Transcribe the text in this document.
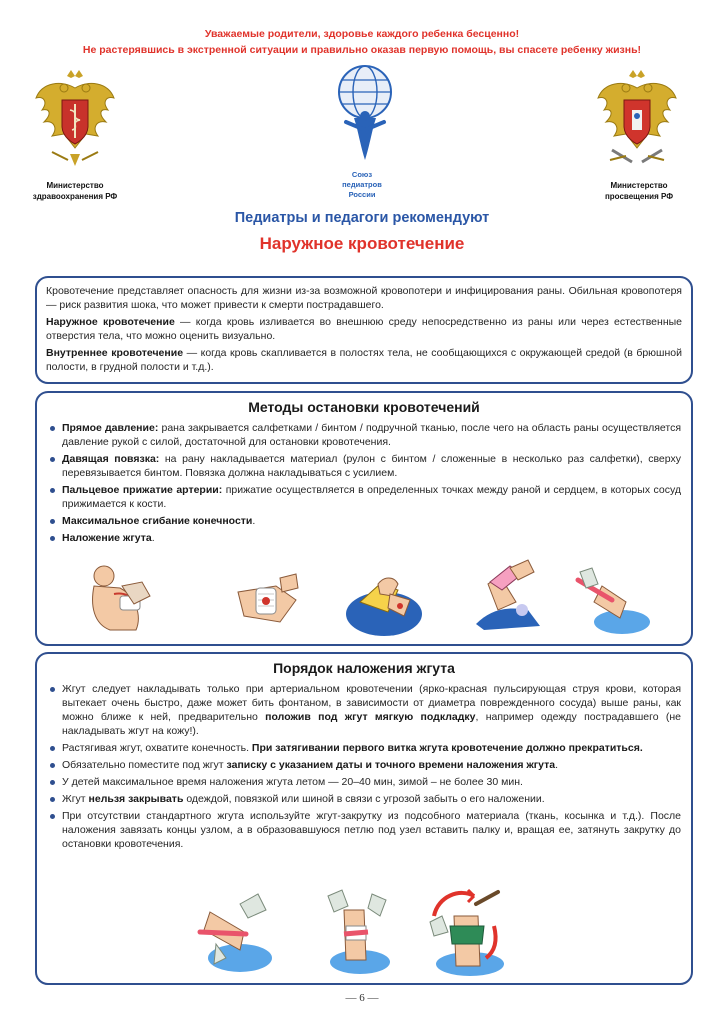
Уважаемые родители, здоровье каждого ребенка бесценно!
Не растерявшись в экстренной ситуации и правильно оказав первую помощь, вы спасете ребенку жизнь!
Министерство
здравоохранения РФ
Союз
педиатров
России
Министерство
просвещения РФ
Педиатры и педагоги рекомендуют
Наружное кровотечение

Кровотечение представляет опасность для жизни из-за возможной кровопотери и инфицирования раны. Обильная кровопотеря — риск развития шока, что может привести к смерти пострадавшего.

Наружное кровотечение — когда кровь изливается во внешнюю среду непосредственно из раны или через естественные отверстия тела, что можно оценить визуально.

Внутреннее кровотечение — когда кровь скапливается в полостях тела, не сообщающихся с окружающей средой (в брюшной полости, в грудной полости и т.д.).

Методы остановки кровотечений
Прямое давление: рана закрывается салфетками / бинтом / подручной тканью, после чего на область раны осуществляется давление рукой с силой, достаточной для остановки кровотечения.
Давящая повязка: на рану накладывается материал (рулон с бинтом / сложенные в несколько раз салфетки), сверху перевязывается бинтом. Повязка должна накладываться с усилием.
Пальцевое прижатие артерии: прижатие осуществляется в определенных точках между раной и сердцем, в которых сосуд прижимается к кости.
Максимальное сгибание конечности.
Наложение жгута.
Порядок наложения жгута
Жгут следует накладывать только при артериальном кровотечении (ярко-красная пульсирующая струя крови, которая вытекает очень быстро, даже может бить фонтаном, в зависимости от диаметра поврежденного сосуда) выше раны, как можно ближе к ней, предварительно положив под жгут мягкую подкладку, например одежду пострадавшего (не накладывать жгут на кожу!).
Растягивая жгут, охватите конечность. При затягивании первого витка жгута кровотечение должно прекратиться.
Обязательно поместите под жгут записку с указанием даты и точного времени наложения жгута.
У детей максимальное время наложения жгута летом — 20–40 мин, зимой – не более 30 мин.
Жгут нельзя закрывать одеждой, повязкой или шиной в связи с угрозой забыть о его наложении.
При отсутствии стандартного жгута используйте жгут-закрутку из подсобного материала (ткань, косынка и т.д.). После наложения завязать концы узлом, а в образовавшуюся петлю под узел вставить палку и, вращая ее, затянуть закрутку до остановки кровотечения.
— 6 —
